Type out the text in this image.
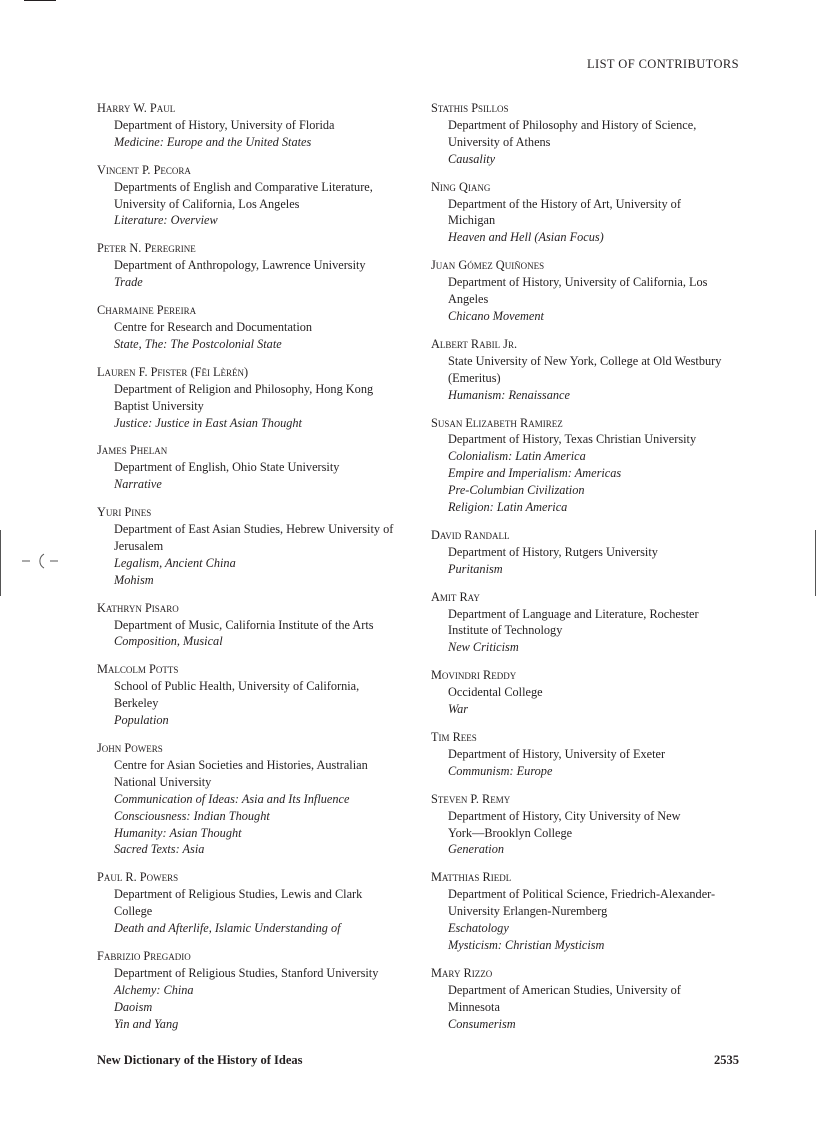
LIST OF CONTRIBUTORS
Harry W. Paul
Department of History, University of Florida
Medicine: Europe and the United States
Vincent P. Pecora
Departments of English and Comparative Literature,
University of California, Los Angeles
Literature: Overview
Peter N. Peregrine
Department of Anthropology, Lawrence University
Trade
Charmaine Pereira
Centre for Research and Documentation
State, The: The Postcolonial State
Lauren F. Pfister (Fēi Lèrén)
Department of Religion and Philosophy, Hong Kong
Baptist University
Justice: Justice in East Asian Thought
James Phelan
Department of English, Ohio State University
Narrative
Yuri Pines
Department of East Asian Studies, Hebrew University of
Jerusalem
Legalism, Ancient China
Mohism
Kathryn Pisaro
Department of Music, California Institute of the Arts
Composition, Musical
Malcolm Potts
School of Public Health, University of California,
Berkeley
Population
John Powers
Centre for Asian Societies and Histories, Australian
National University
Communication of Ideas: Asia and Its Influence
Consciousness: Indian Thought
Humanity: Asian Thought
Sacred Texts: Asia
Paul R. Powers
Department of Religious Studies, Lewis and Clark
College
Death and Afterlife, Islamic Understanding of
Fabrizio Pregadio
Department of Religious Studies, Stanford University
Alchemy: China
Daoism
Yin and Yang
Stathis Psillos
Department of Philosophy and History of Science,
University of Athens
Causality
Ning Qiang
Department of the History of Art, University of
Michigan
Heaven and Hell (Asian Focus)
Juan Gómez Quiñones
Department of History, University of California, Los
Angeles
Chicano Movement
Albert Rabil Jr.
State University of New York, College at Old Westbury
(Emeritus)
Humanism: Renaissance
Susan Elizabeth Ramirez
Department of History, Texas Christian University
Colonialism: Latin America
Empire and Imperialism: Americas
Pre-Columbian Civilization
Religion: Latin America
David Randall
Department of History, Rutgers University
Puritanism
Amit Ray
Department of Language and Literature, Rochester
Institute of Technology
New Criticism
Movindri Reddy
Occidental College
War
Tim Rees
Department of History, University of Exeter
Communism: Europe
Steven P. Remy
Department of History, City University of New
York—Brooklyn College
Generation
Matthias Riedl
Department of Political Science, Friedrich-Alexander-
University Erlangen-Nuremberg
Eschatology
Mysticism: Christian Mysticism
Mary Rizzo
Department of American Studies, University of
Minnesota
Consumerism
New Dictionary of the History of Ideas	2535
